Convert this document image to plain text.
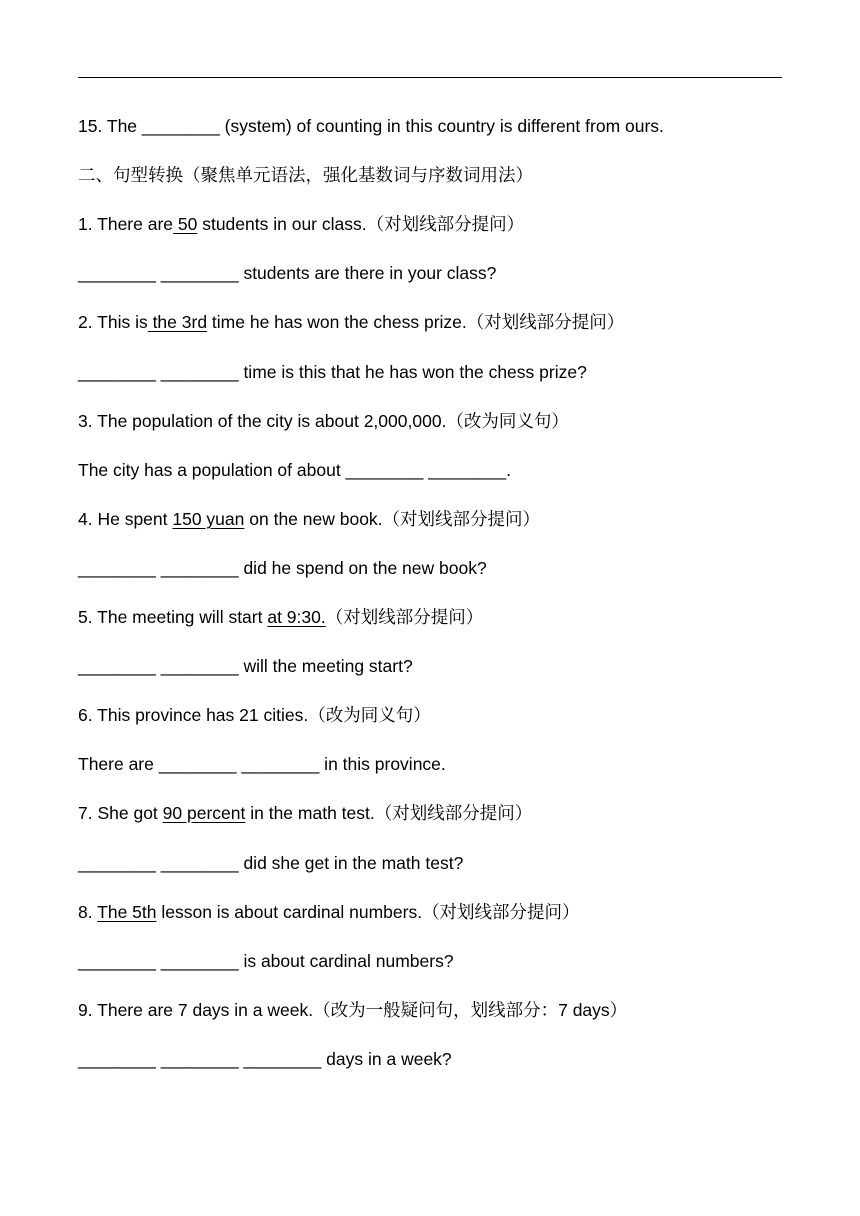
15. The ________ (system) of counting in this country is different from ours.
二、句型转换（聚焦单元语法，强化基数词与序数词用法）
1. There are 50 students in our class.（对划线部分提问）
________ ________ students are there in your class?
2. This is the 3rd time he has won the chess prize.（对划线部分提问）
________ ________ time is this that he has won the chess prize?
3. The population of the city is about 2,000,000.（改为同义句）
The city has a population of about ________ ________.
4. He spent 150 yuan on the new book.（对划线部分提问）
________ ________ did he spend on the new book?
5. The meeting will start at 9:30.（对划线部分提问）
________ ________ will the meeting start?
6. This province has 21 cities.（改为同义句）
There are ________ ________ in this province.
7. She got 90 percent in the math test.（对划线部分提问）
________ ________ did she get in the math test?
8. The 5th lesson is about cardinal numbers.（对划线部分提问）
________ ________ is about cardinal numbers?
9. There are 7 days in a week.（改为一般疑问句，划线部分：7 days）
________ ________ ________ days in a week?
